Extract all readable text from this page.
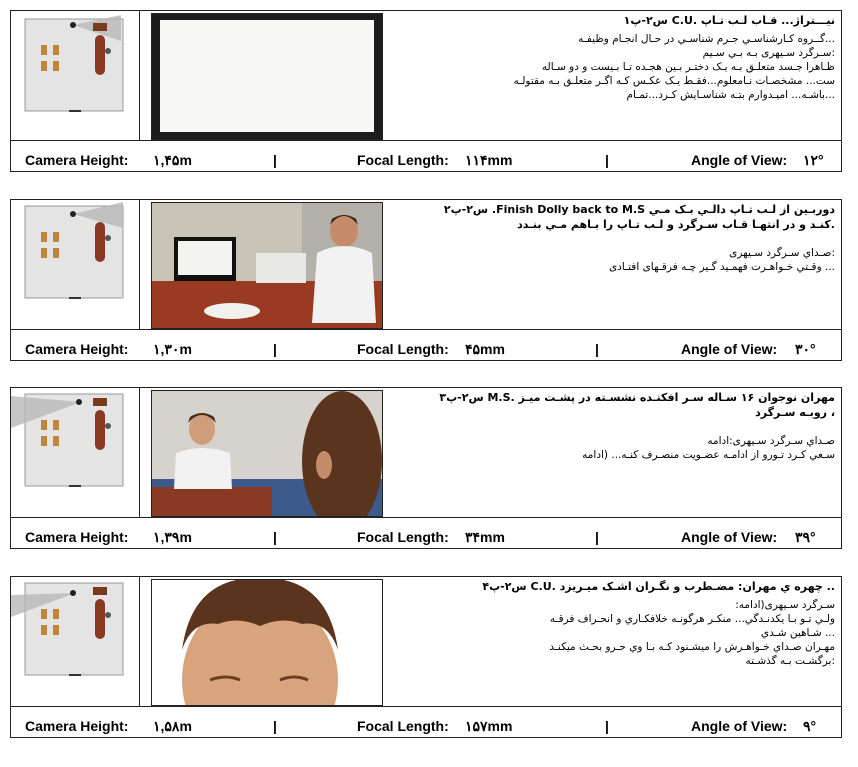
نیـــتراژ... قـاب لـب تـاپ .C.U س۲-پ۱
...گــروه کـارشناسـي جـرم شناسـي در حـال انجـام وظيفـه
:سـرگرد سـيهری بـه بـي سـيم
ظـاهرا جـسد متعلـق بـه يـک دختـر بـين هجـده تـا بـيست و دو سـاله
ست... مشخصـات نـامعلوم...فقـط يـک عکـس کـه اگـر متعلـق بـه مقتولـه
...باشـه... اميـدوارم بتـه شناسـايش كـرد...تمـام
Camera Height: ۱,۴۵m	|	Focal Length: ۱۱۴mm	|	Angle of View: ۱۲°
دوربـین از لـب تـاپ دالـي بـک مـي Finish Dolly back to M.S. س۲-پ۲
.کنـد و در انتهـا قـاب سـرگرد و لـب تـاپ را بـاهم مـي بنـدد
:صـداي سـرگرد سـيهری
... وقـتي خـواهـرت فهمـيد گـير چـه فرقـهای افتـادی
Camera Height: ۱,۳۰m	|	Focal Length: ۴۵mm	|	Angle of View: ۳۰°
مهران نوجوان ۱۶ سـاله سـر افكنـده نشسـته در پشـت ميـز .M.S س۲-پ۳
، روبـه سـرگرد
صـداي سـرگرد سـيهری:ادامه
سـعي كـرد تـورو از ادامـه عضـويت منصـرف كنـه... (ادامه
Camera Height: ۱,۳۹m	|	Focal Length: ۳۴mm	|	Angle of View: ۳۹°
.. چهره ي مهران: مضـطرب و نگـران اشـک ميـريزد .C.U س۲-پ۴
سـرگرد سـيهری(ادامه:
ولـي تـو بـا يكدنـدگي... منكـر هرگونـه خلافكـاري و انحـراف فرقـه
... شـاهين شـدي
مهـران صـداي خـواهـرش را ميشـنود كـه بـا وي حـرو بحـث ميكنـد
:برگشـت بـه گذشـته
Camera Height: ۱,۵۸m	|	Focal Length: ۱۵۷mm	|	Angle of View: ۹°
